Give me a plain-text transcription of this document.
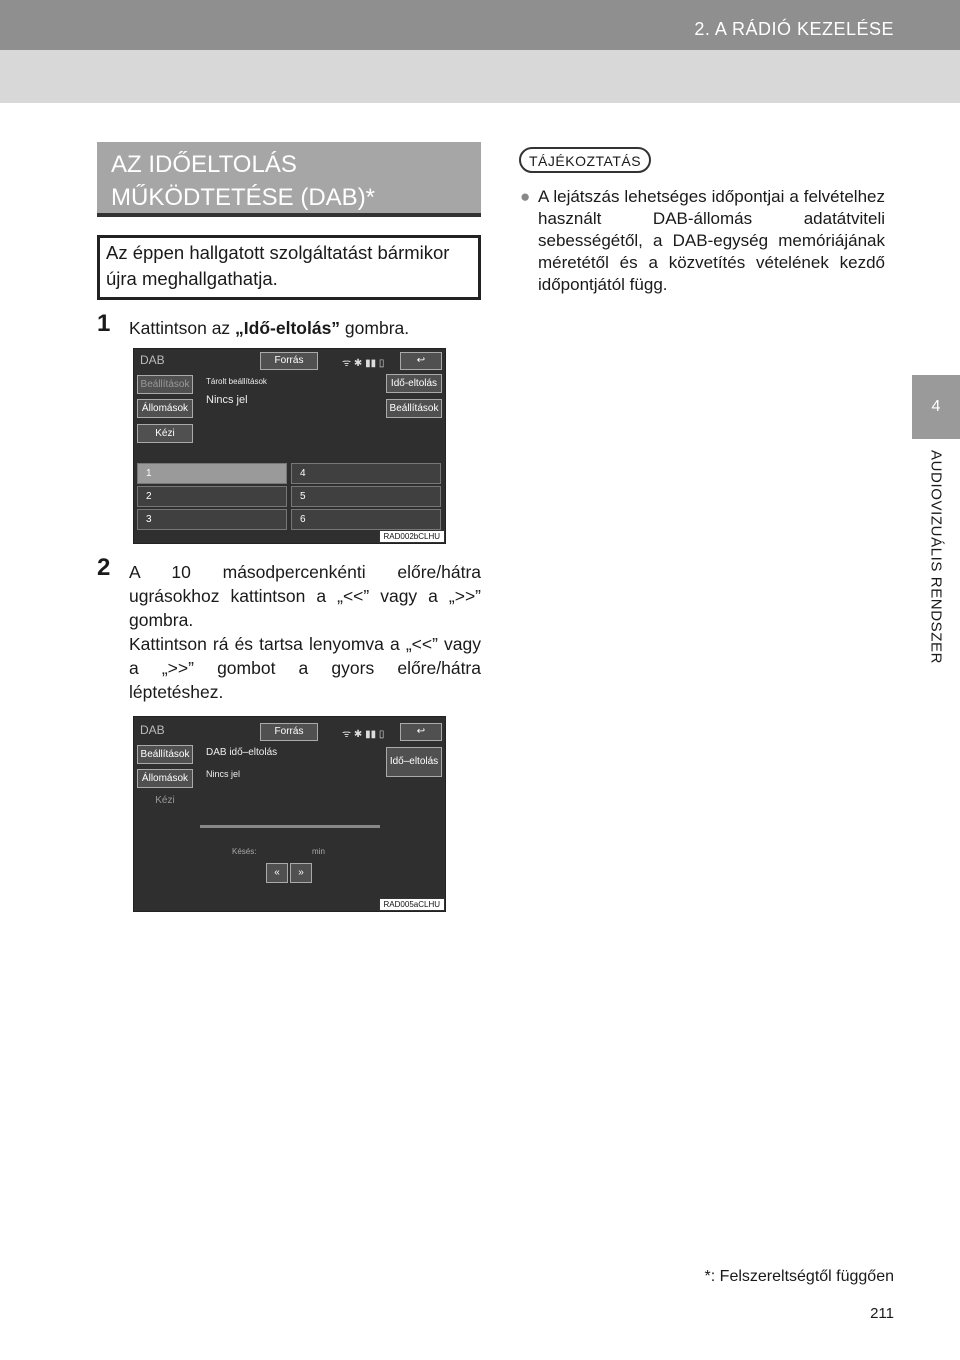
2. A RÁDIÓ KEZELÉSE
4
AUDIOVIZUÁLIS RENDSZER
AZ IDŐELTOLÁS
MŰKÖDTETÉSE (DAB)*
Az éppen hallgatott szolgáltatást bármikor újra meghallgathatja.
1 Kattintson az „Idő-eltolás” gombra.
DAB	Forrás	ᯤ ✱ ▮▮ ▯	↩
Beállítások
Állomások
Kézi
Tárolt beállítások
Nincs jel
Idő-eltolás
Beállítások
1
2
3
4
5
6
RAD002bCLHU
2 A 10 másodpercenkénti előre/hátra ugrásokhoz kattintson a „<<” vagy a „>>” gombra.
Kattintson rá és tartsa lenyomva a „<<” vagy a „>>” gombot a gyors előre/hátra léptetéshez.
DAB	Forrás	ᯤ ✱ ▮▮ ▯	↩
Beállítások
Állomások
Kézi
DAB idő–eltolás
Nincs jel
Idő–eltolás
Késés:	min
«	»
RAD005aCLHU
TÁJÉKOZTATÁS
● A lejátszás lehetséges időpontjai a felvételhez használt DAB-állomás adatátviteli sebességétől, a DAB-egység memóriájának méretétől és a közvetítés vételének kezdő időpontjától függ.
*: Felszereltségtől függően
211
